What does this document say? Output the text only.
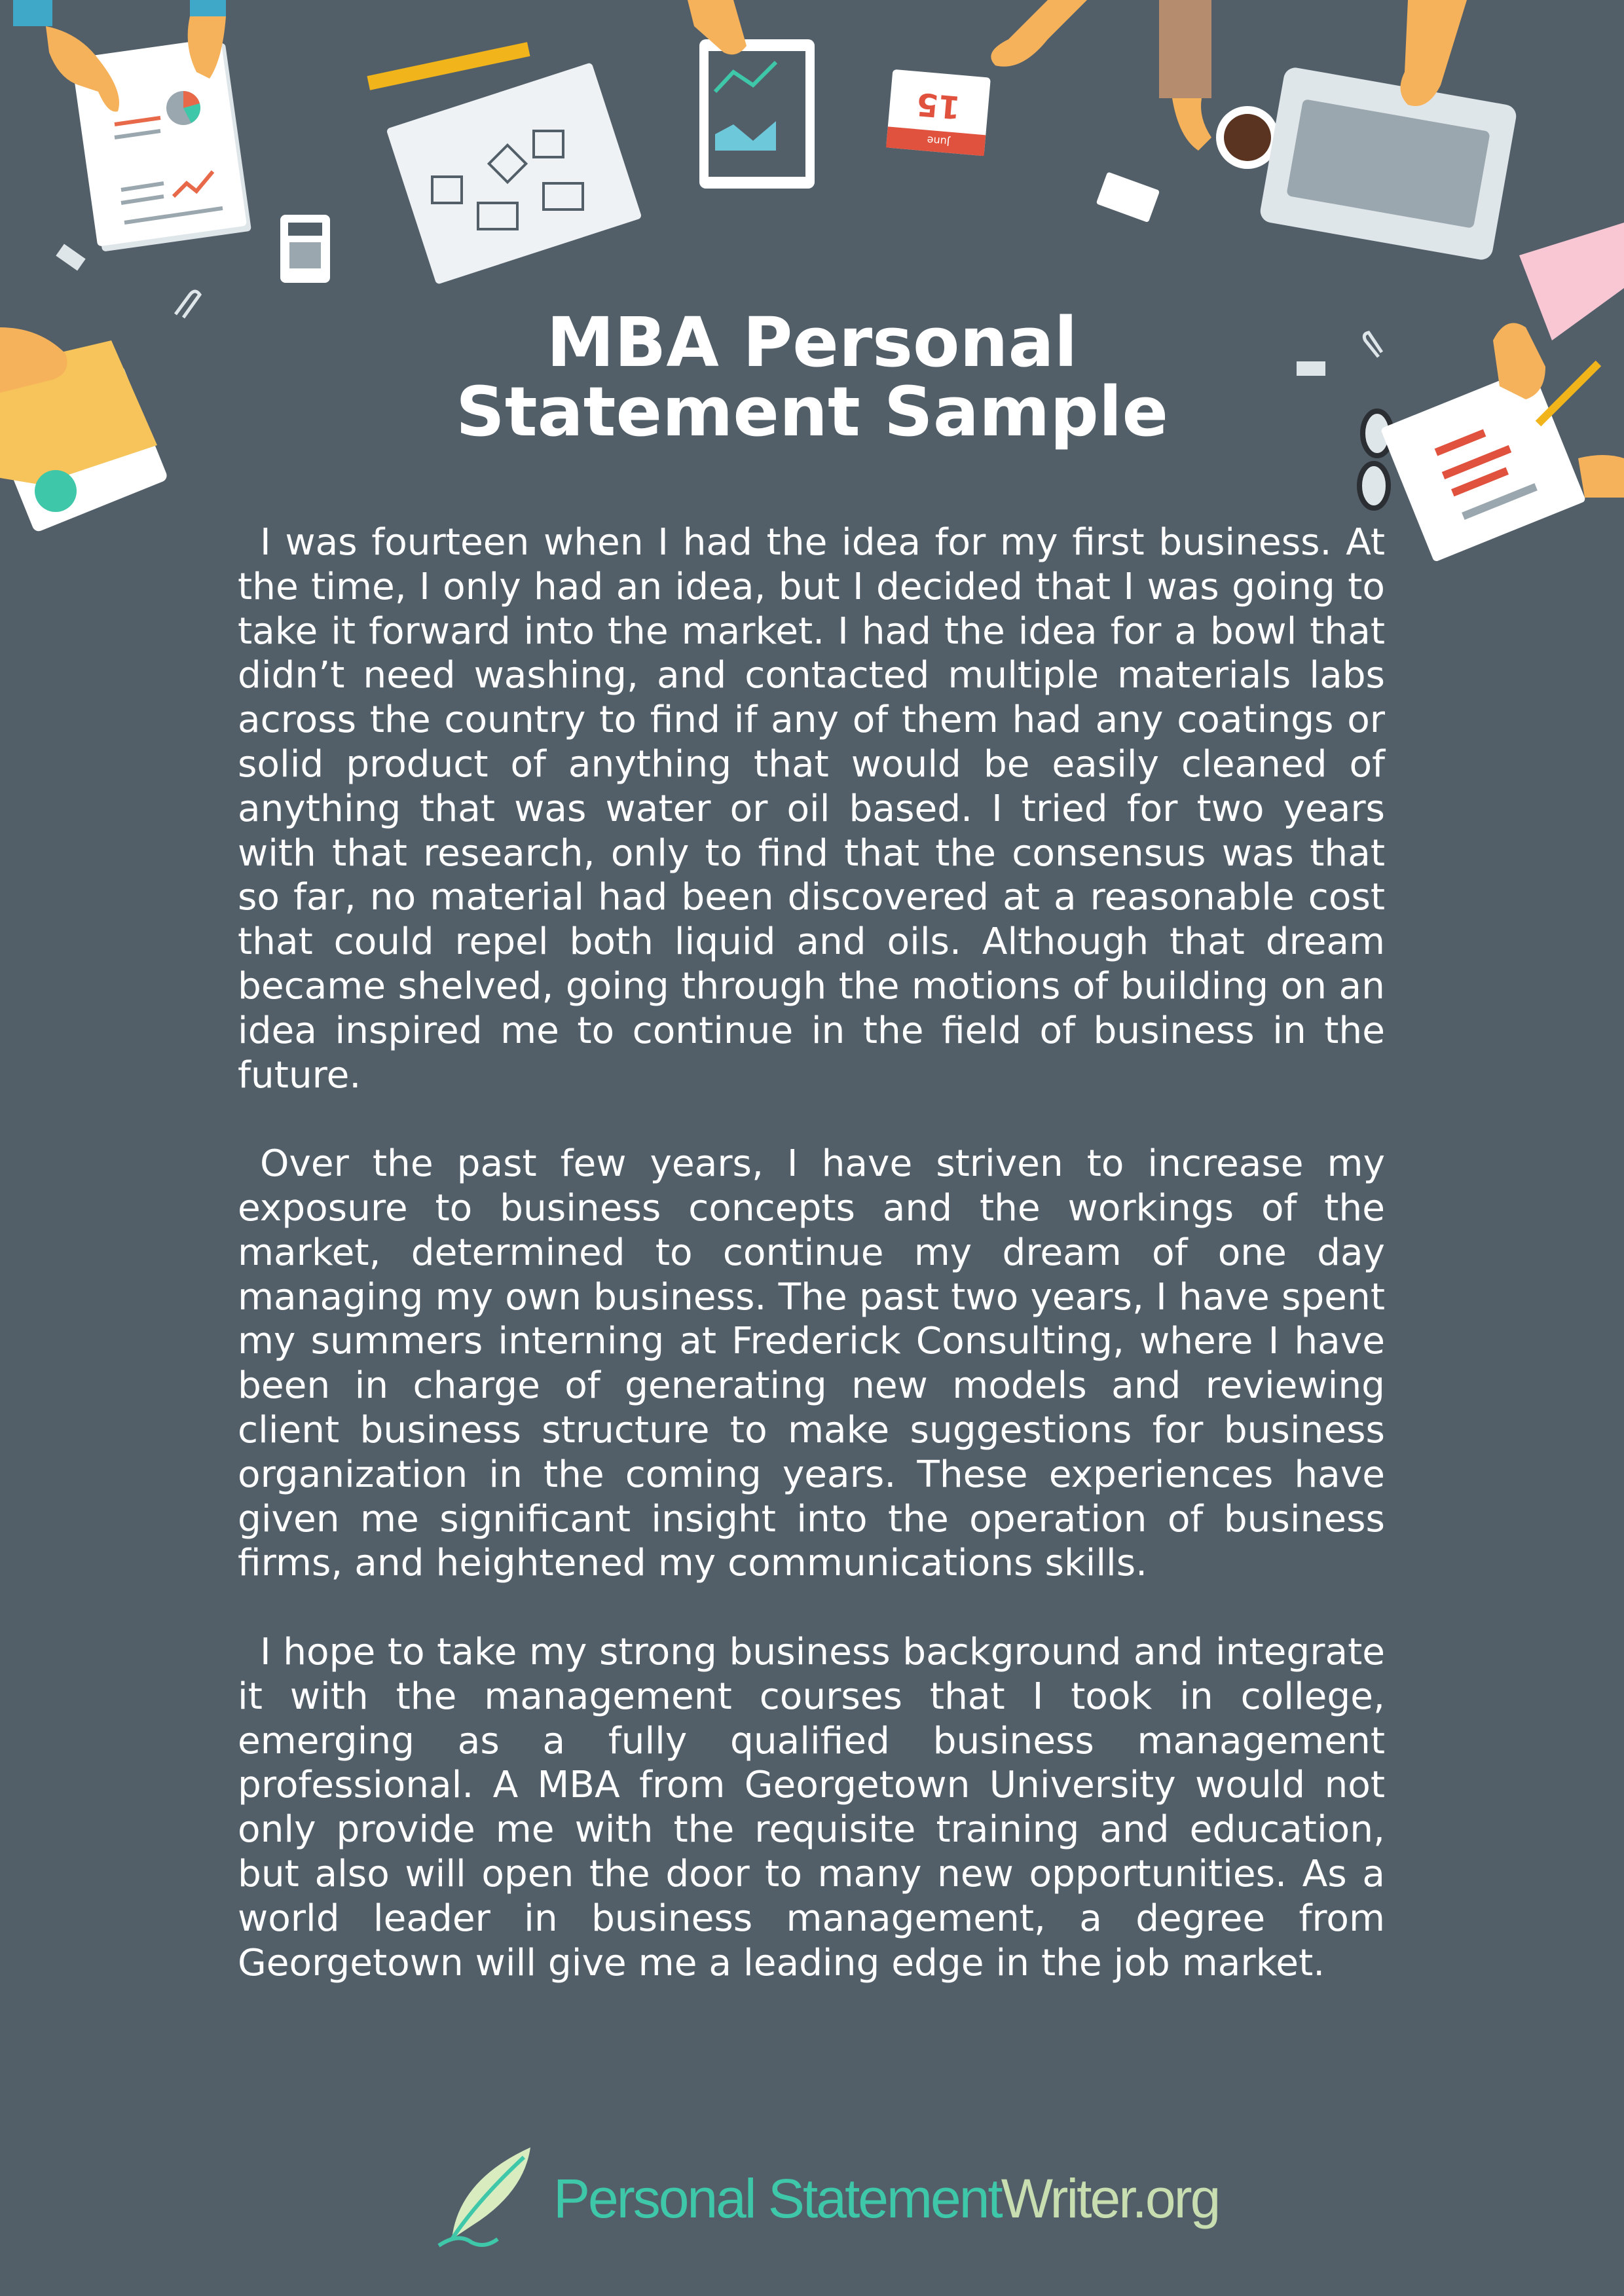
15
June
MBA Personal
Statement Sample

I was fourteen when I had the idea for my first business. At the time, I only had an idea, but I decided that I was going to take it forward into the market. I had the idea for a bowl that didn’t need washing, and contacted multiple materials labs across the country to find if any of them had any coatings or solid product of anything that would be easily cleaned of anything that was water or oil based. I tried for two years with that research, only to find that the consensus was that so far, no material had been discovered at a reasonable cost that could repel both liquid and oils. Although that dream became shelved, going through the motions of building on an idea inspired me to continue in the field of business in the future.

Over the past few years, I have striven to increase my exposure to business concepts and the workings of the market, determined to continue my dream of one day managing my own business. The past two years, I have spent my summers interning at Frederick Consulting, where I have been in charge of generating new models and reviewing client business structure to make suggestions for business organization in the coming years. These experiences have given me significant insight into the operation of business firms, and heightened my communications skills.

I hope to take my strong business background and integrate it with the management courses that I took in college, emerging as a fully qualified business management professional. A MBA from Georgetown University would not only provide me with the requisite training and education, but also will open the door to many new opportunities. As a world leader in business management, a degree from Georgetown will give me a leading edge in the job market.

Personal StatementWriter.org
